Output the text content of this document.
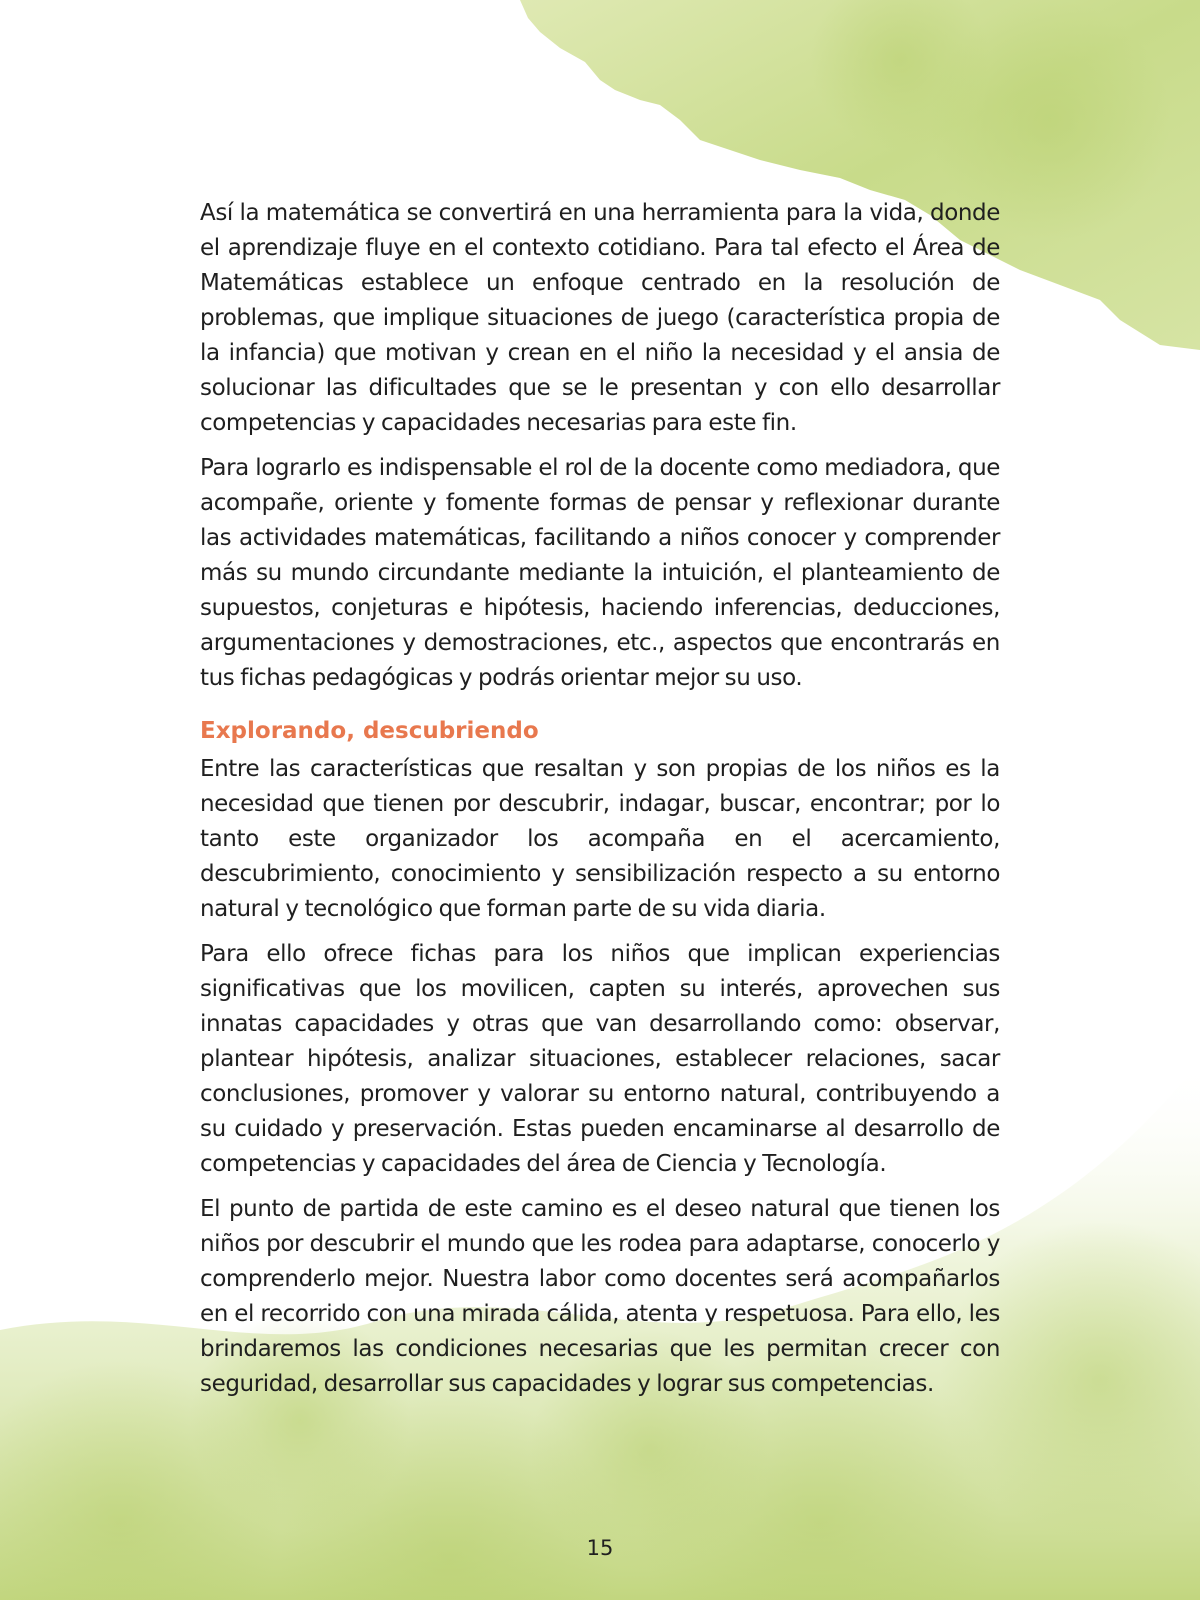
Así la matemática se convertirá en una herramienta para la vida, donde el aprendizaje fluye en el contexto cotidiano. Para tal efecto el Área de Matemáticas establece un enfoque centrado en la resolución de problemas, que implique situaciones de juego (característica propia de la infancia) que motivan y crean en el niño la necesidad y el ansia de solucionar las dificultades que se le presentan y con ello desarrollar competencias y capacidades necesarias para este fin.

Para lograrlo es indispensable el rol de la docente como mediadora, que acompañe, oriente y fomente formas de pensar y reflexionar durante las actividades matemáticas, facilitando a niños conocer y comprender más su mundo circundante mediante la intuición, el planteamiento de supuestos, conjeturas e hipótesis, haciendo inferencias, deducciones, argumentaciones y demostraciones, etc., aspectos que encontrarás en tus fichas pedagógicas y podrás orientar mejor su uso.

Explorando, descubriendo

Entre las características que resaltan y son propias de los niños es la necesidad que tienen por descubrir, indagar, buscar, encontrar; por lo tanto este organizador los acompaña en el acercamiento, descubrimiento, conocimiento y sensibilización respecto a su entorno natural y tecnológico que forman parte de su vida diaria.

Para ello ofrece fichas para los niños que implican experiencias significativas que los movilicen, capten su interés, aprovechen sus innatas capacidades y otras que van desarrollando como: observar, plantear hipótesis, analizar situaciones, establecer relaciones, sacar conclusiones, promover y valorar su entorno natural, contribuyendo a su cuidado y preservación. Estas pueden encaminarse al desarrollo de competencias y capacidades del área de Ciencia y Tecnología.

El punto de partida de este camino es el deseo natural que tienen los niños por descubrir el mundo que les rodea para adaptarse, conocerlo y comprenderlo mejor. Nuestra labor como docentes será acompañarlos en el recorrido con una mirada cálida, atenta y respetuosa. Para ello, les brindaremos las condiciones necesarias que les permitan crecer con seguridad, desarrollar sus capacidades y lograr sus competencias.

15
